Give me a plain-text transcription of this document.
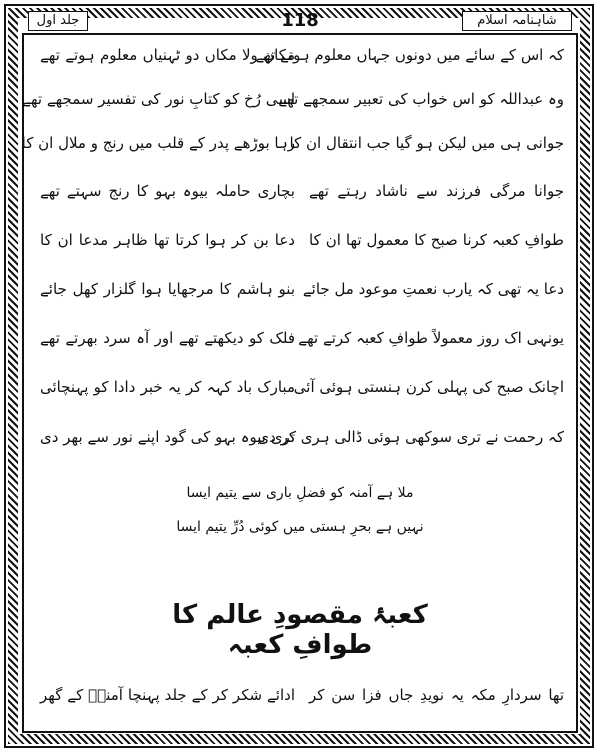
شاہنامہ اسلام
118
جلد اول
کہ اس کے سائے میں دونوں جہاں معلوم ہوتے تھے
مکان ولا مکاں دو ٹہنیاں معلوم ہوتے تھے
وہ عبداللہ کو اس خواب کی تعبیر سمجھے تھے
اسی رُخ کو کتابِ نور کی تفسیر سمجھے تھے
جوانی ہی میں لیکن ہو گیا جب انتقال ان کا
رہا بوڑھے پدر کے قلب میں رنج و ملال ان کا
جوانا مرگی فرزند سے ناشاد رہتے تھے
بچاری حاملہ بیوہ بہو کا رنج سہتے تھے
طوافِ کعبہ کرنا صبح کا معمول تھا ان کا
دعا بن کر ہوا کرتا تھا ظاہر مدعا ان کا
دعا یہ تھی کہ یارب نعمتِ موعود مل جائے
بنو ہاشم کا مرجھایا ہوا گلزار کھل جائے
یونہی اک روز معمولاً طوافِ کعبہ کرتے تھے
فلک کو دیکھتے تھے اور آہ سرد بھرتے تھے
اچانک صبح کی پہلی کرن ہنستی ہوئی آئی
مبارک باد کہہ کر یہ خبر دادا کو پہنچائی
کہ رحمت نے تری سوکھی ہوئی ڈالی ہری کر دی
تری بیوہ بہو کی گود اپنے نور سے بھر دی
ملا ہے آمنہ کو فضلِ باری سے یتیم ایسا
نہیں ہے بحرِ ہستی میں کوئی دُرِّ یتیم ایسا
کعبۂ مقصودِ عالم کا طوافِ کعبہ
تھا سردارِ مکہ یہ نویدِ جاں فزا سن کر
ادائے شکر کر کے جلد پہنچا آمنہؓ کے گھر
